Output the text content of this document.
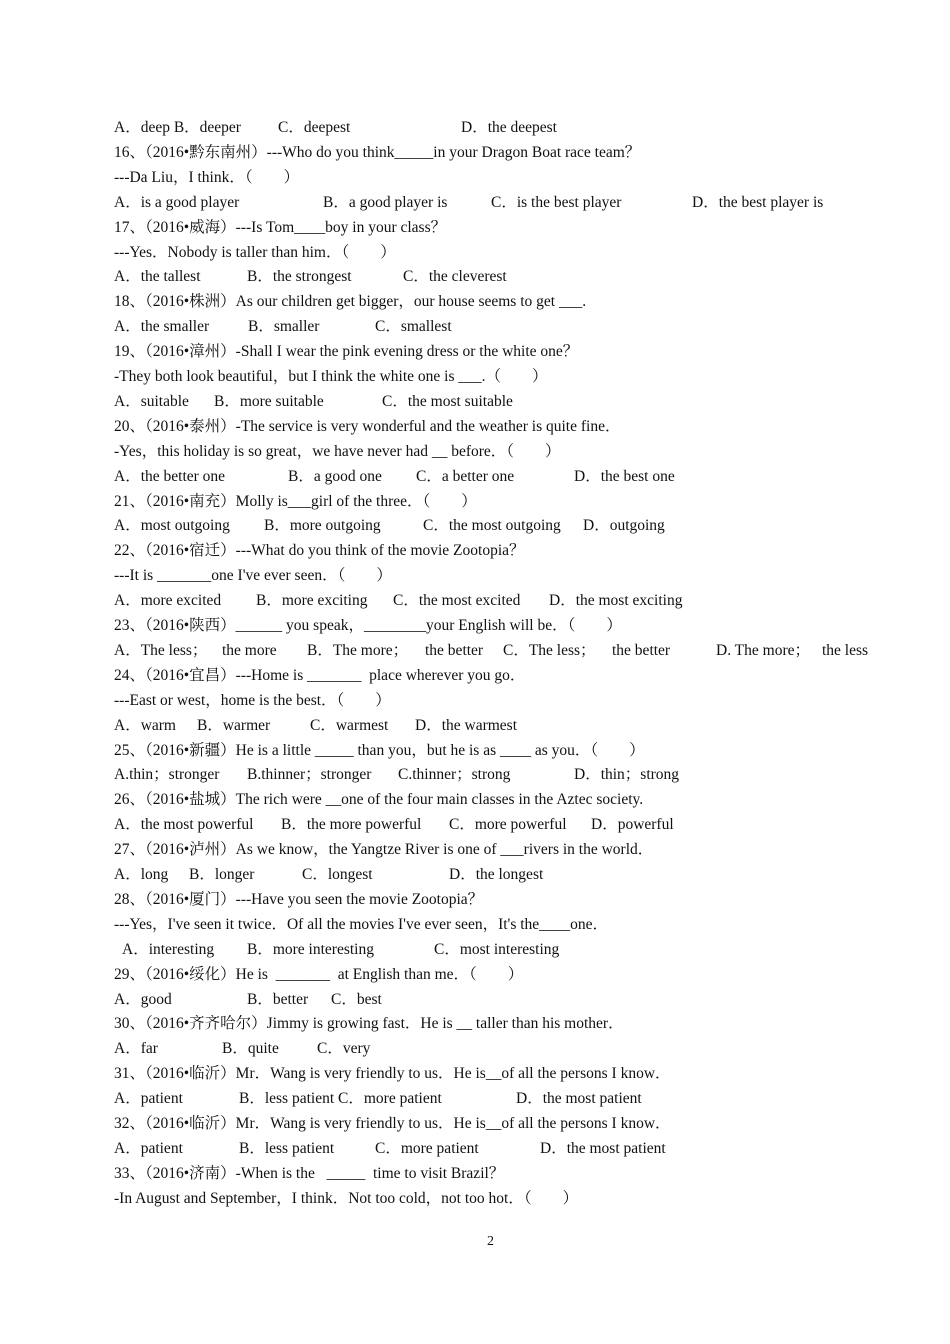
A．deep B．deeper C．deepest	D．the deepest
16、（2016•黔东南州）---Who do you think_____in your Dragon Boat race team？
---Da Liu，I think．（　　）
A．is a good player	B．a good player is	C．is the best player	D．the best player is
17、（2016•威海）---Is Tom____boy in your class？
---Yes．Nobody is taller than him．（　　）
A．the tallest	B．the strongest	C．the cleverest
18、（2016•株洲）As our children get bigger，our house seems to get ___.
A．the smaller	B．smaller	C．smallest
19、（2016•漳州）-Shall I wear the pink evening dress or the white one？
-They both look beautiful，but I think the white one is ___.（　　）
A．suitable B．more suitable	C．the most suitable
20、（2016•泰州）-The service is very wonderful and the weather is quite fine．
-Yes，this holiday is so great，we have never had __ before．（　　）
A．the better one	B．a good one C．a better one	D．the best one
21、（2016•南充）Molly is___girl of the three．（　　）
A．most outgoing B．more outgoing	C．the most outgoing D．outgoing
22、（2016•宿迁）---What do you think of the movie Zootopia？
---It is _______one I've ever seen．（　　）
A．more excited B．more exciting C．the most excited D．the most exciting
23、（2016•陕西）______ you speak，________your English will be．（　　）
A．The less； the more B．The more； the better C．The less； the better	D. The more； the less
24、（2016•宜昌）---Home is _______  place wherever you go．
---East or west，home is the best．（　　）
A．warm B．warmer	C．warmest D．the warmest
25、（2016•新疆）He is a little _____ than you，but he is as ____ as you．（　　）
A.thin；stronger B.thinner；stronger C.thinner；strong	D．thin；strong
26、（2016•盐城）The rich were __one of the four main classes in the Aztec society.
A．the most powerful B．the more powerful C．more powerful D．powerful
27、（2016•泸州）As we know，the Yangtze River is one of ___rivers in the world．
A．long B．longer	C．longest	D．the longest
28、（2016•厦门）---Have you seen the movie Zootopia？
---Yes，I've seen it twice．Of all the movies I've ever seen，It's the____one．
A．interesting B．more interesting	C．most interesting
29、（2016•绥化）He is  _______  at English than me．（　　）
A．good	B．better C．best
30、（2016•齐齐哈尔）Jimmy is growing fast．He is __ taller than his mother．
A．far	B．quite C．very
31、（2016•临沂）Mr．Wang is very friendly to us．He is__of all the persons I know．
A．patient	B．less patient C．more patient	D．the most patient
32、（2016•临沂）Mr．Wang is very friendly to us．He is__of all the persons I know．
A．patient	B．less patient	C．more patient	D．the most patient
33、（2016•济南）-When is the   _____  time to visit Brazil？
-In August and September，I think．Not too cold，not too hot．（　　）
2
